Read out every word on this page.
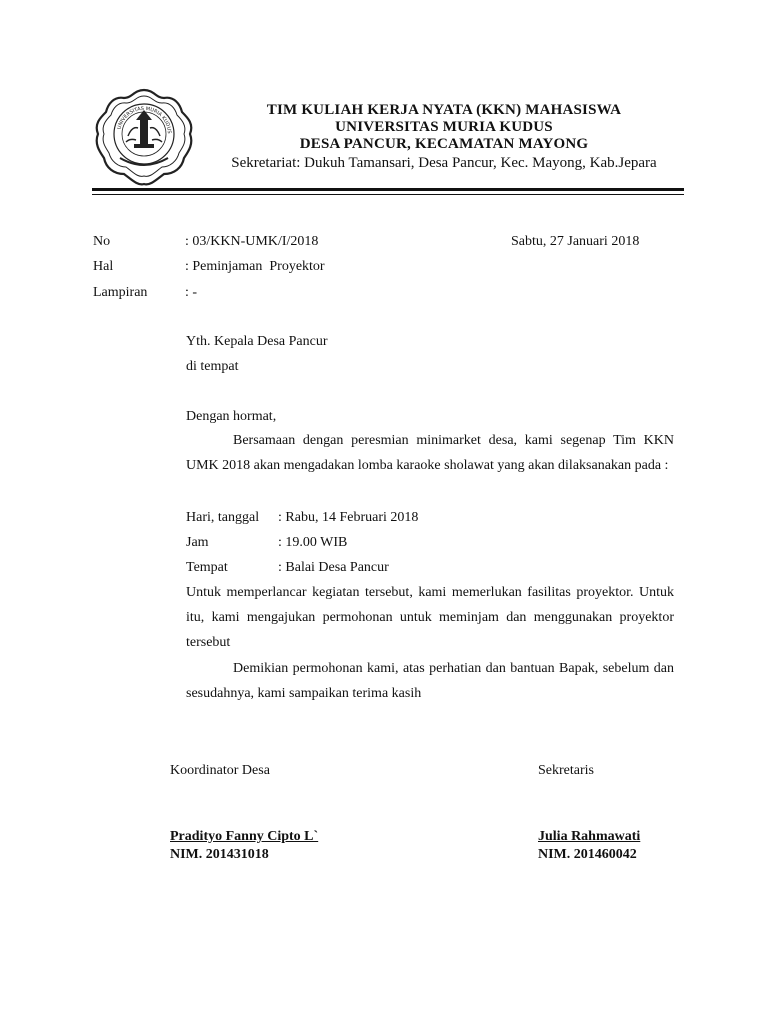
UNIVERSITAS MURIA KUDUS
TIM KULIAH KERJA NYATA (KKN) MAHASISWA
UNIVERSITAS MURIA KUDUS
DESA PANCUR, KECAMATAN MAYONG
Sekretariat: Dukuh Tamansari, Desa Pancur, Kec. Mayong, Kab.Jepara
No	: 03/KKN-UMK/I/2018	Sabtu, 27 Januari 2018
Hal	: Peminjaman  Proyektor
Lampiran	: -
Yth. Kepala Desa Pancur
di tempat
Dengan hormat,

Bersamaan dengan peresmian minimarket desa, kami segenap Tim KKN UMK 2018 akan mengadakan lomba karaoke sholawat yang akan dilaksanakan pada :

Hari, tanggal : Rabu, 14 Februari 2018
Jam	: 19.00 WIB
Tempat	: Balai Desa Pancur

Untuk memperlancar kegiatan tersebut, kami memerlukan fasilitas proyektor. Untuk itu, kami mengajukan permohonan untuk meminjam dan menggunakan proyektor tersebut

Demikian permohonan kami, atas perhatian dan bantuan Bapak, sebelum dan sesudahnya, kami sampaikan terima kasih

Koordinator Desa	Sekretaris
Pradityo Fanny Cipto L`
NIM. 201431018
Julia Rahmawati
NIM. 201460042
